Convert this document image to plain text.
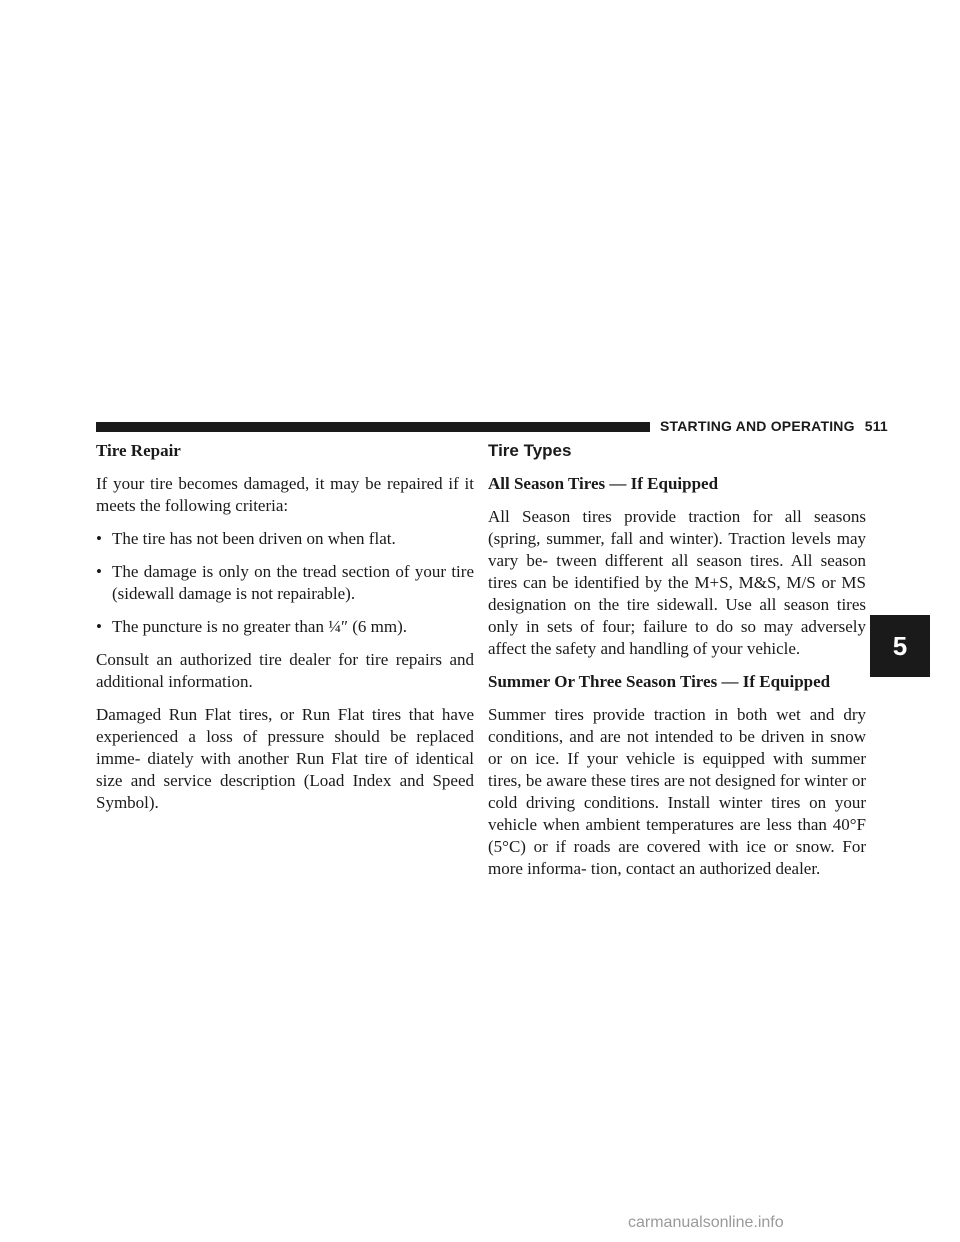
STARTING AND OPERATING 511
Tire Repair

If your tire becomes damaged, it may be repaired if it meets the following criteria:

• The tire has not been driven on when flat.
• The damage is only on the tread section of your tire (sidewall damage is not repairable).
• The puncture is no greater than ¼″ (6 mm).

Consult an authorized tire dealer for tire repairs and additional information.

Damaged Run Flat tires, or Run Flat tires that have experienced a loss of pressure should be replaced imme- diately with another Run Flat tire of identical size and service description (Load Index and Speed Symbol).

Tire Types
All Season Tires — If Equipped

All Season tires provide traction for all seasons (spring, summer, fall and winter). Traction levels may vary be- tween different all season tires. All season tires can be identified by the M+S, M&S, M/S or MS designation on the tire sidewall. Use all season tires only in sets of four; failure to do so may adversely affect the safety and handling of your vehicle.

Summer Or Three Season Tires — If Equipped

Summer tires provide traction in both wet and dry conditions, and are not intended to be driven in snow or on ice. If your vehicle is equipped with summer tires, be aware these tires are not designed for winter or cold driving conditions. Install winter tires on your vehicle when ambient temperatures are less than 40°F (5°C) or if roads are covered with ice or snow. For more informa- tion, contact an authorized dealer.

5
carmanualsonline.info
